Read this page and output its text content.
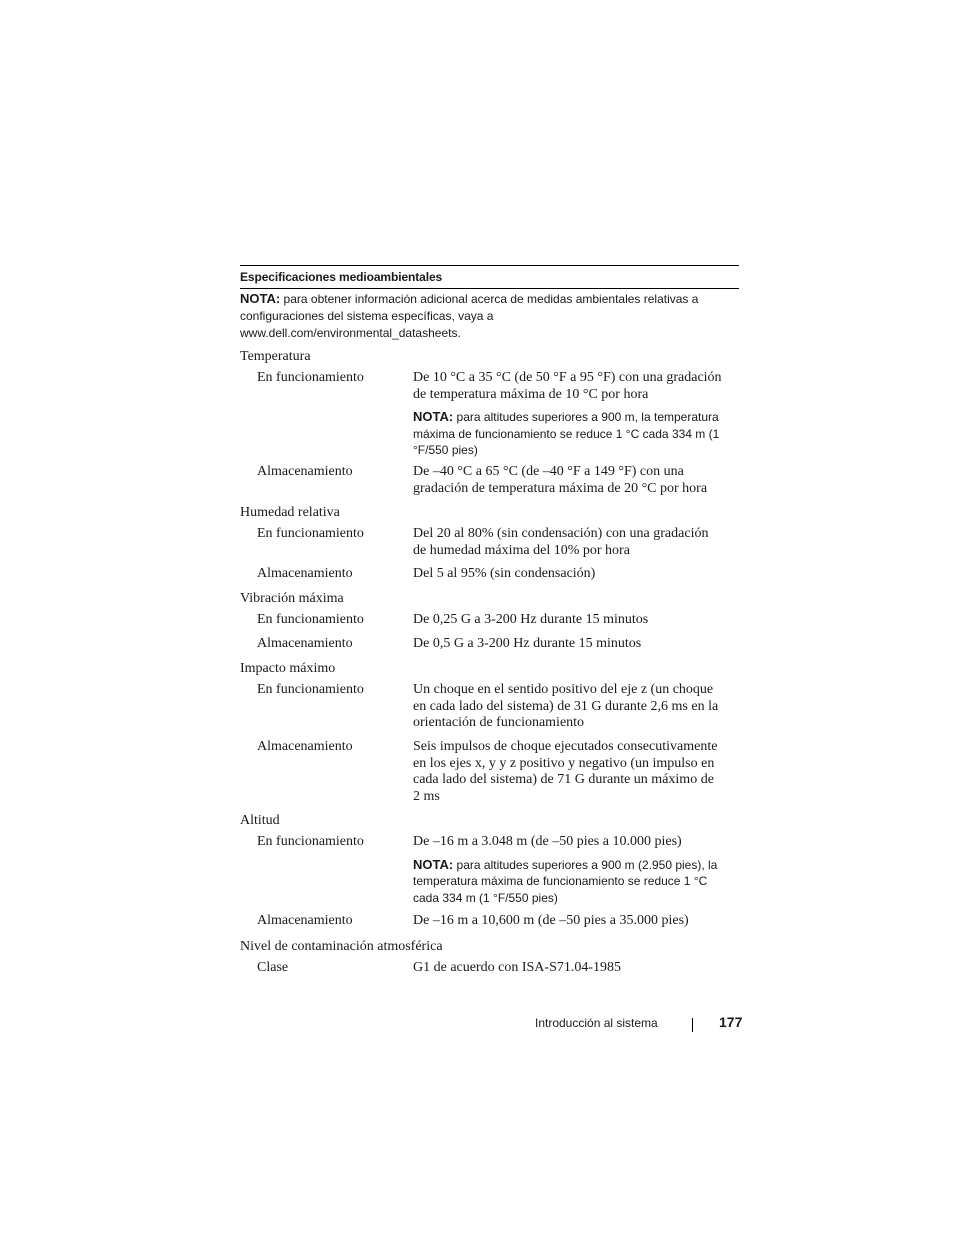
Especificaciones medioambientales
NOTA: para obtener información adicional acerca de medidas ambientales relativas a configuraciones del sistema específicas, vaya a
www.dell.com/environmental_datasheets.
Temperatura
En funcionamiento	De 10 °C a 35 °C (de 50 °F a 95 °F) con una gradación de temperatura máxima de 10 °C por hora
NOTA: para altitudes superiores a 900 m, la temperatura máxima de funcionamiento se reduce 1 °C cada 334 m (1 °F/550 pies)
Almacenamiento	De –40 °C a 65 °C (de –40 °F a 149 °F) con una gradación de temperatura máxima de 20 °C por hora
Humedad relativa
En funcionamiento	Del 20 al 80% (sin condensación) con una gradación de humedad máxima del 10% por hora
Almacenamiento	Del 5 al 95% (sin condensación)
Vibración máxima
En funcionamiento	De 0,25 G a 3-200 Hz durante 15 minutos
Almacenamiento	De 0,5 G a 3-200 Hz durante 15 minutos
Impacto máximo
En funcionamiento	Un choque en el sentido positivo del eje z (un choque en cada lado del sistema) de 31 G durante 2,6 ms en la orientación de funcionamiento
Almacenamiento	Seis impulsos de choque ejecutados consecutivamente en los ejes x, y y z positivo y negativo (un impulso en cada lado del sistema) de 71 G durante un máximo de 2 ms
Altitud
En funcionamiento	De –16 m a 3.048 m (de –50 pies a 10.000 pies)
NOTA: para altitudes superiores a 900 m (2.950 pies), la temperatura máxima de funcionamiento se reduce 1 °C cada 334 m (1 °F/550 pies)
Almacenamiento	De –16 m a 10,600 m (de –50 pies a 35.000 pies)
Nivel de contaminación atmosférica
Clase	G1 de acuerdo con ISA-S71.04-1985
Introducción al sistema	177
